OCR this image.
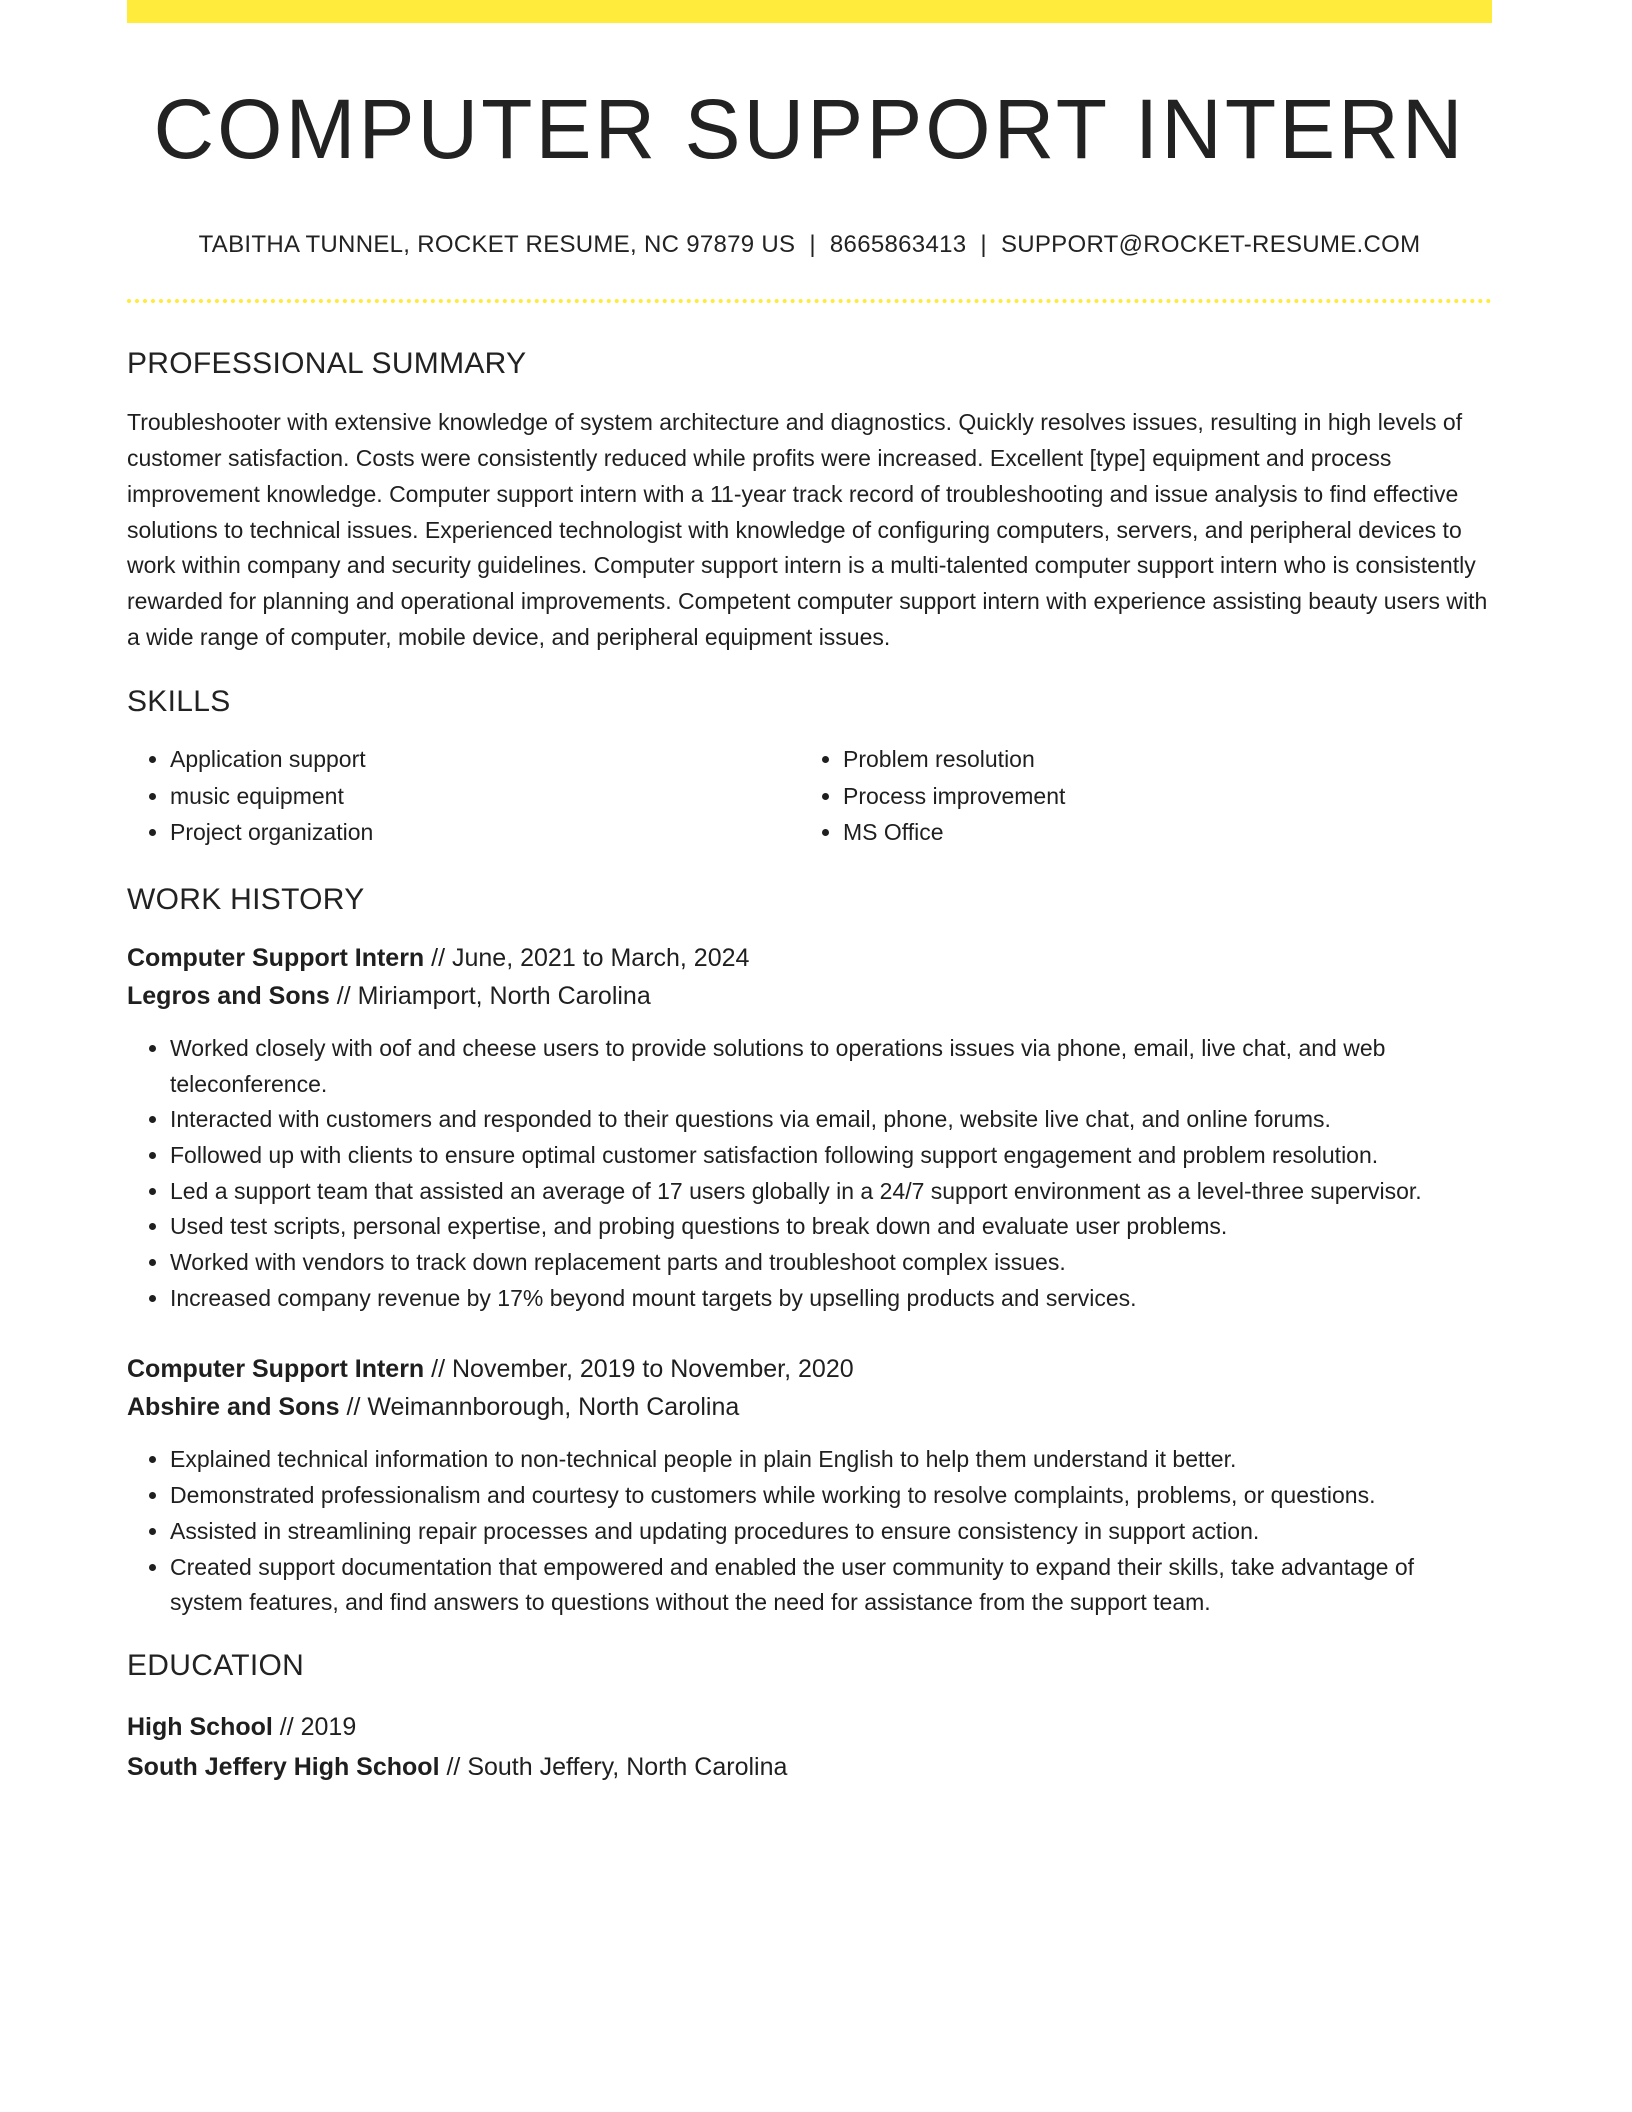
COMPUTER SUPPORT INTERN
TABITHA TUNNEL, ROCKET RESUME, NC 97879 US | 8665863413 | SUPPORT@ROCKET-RESUME.COM
PROFESSIONAL SUMMARY
Troubleshooter with extensive knowledge of system architecture and diagnostics. Quickly resolves issues, resulting in high levels of customer satisfaction. Costs were consistently reduced while profits were increased. Excellent [type] equipment and process improvement knowledge. Computer support intern with a 11-year track record of troubleshooting and issue analysis to find effective solutions to technical issues. Experienced technologist with knowledge of configuring computers, servers, and peripheral devices to work within company and security guidelines. Computer support intern is a multi-talented computer support intern who is consistently rewarded for planning and operational improvements. Competent computer support intern with experience assisting beauty users with a wide range of computer, mobile device, and peripheral equipment issues.
SKILLS
• Application support
• music equipment
• Project organization
• Problem resolution
• Process improvement
• MS Office
WORK HISTORY
Computer Support Intern // June, 2021 to March, 2024
Legros and Sons // Miriamport, North Carolina
• Worked closely with oof and cheese users to provide solutions to operations issues via phone, email, live chat, and web teleconference.
• Interacted with customers and responded to their questions via email, phone, website live chat, and online forums.
• Followed up with clients to ensure optimal customer satisfaction following support engagement and problem resolution.
• Led a support team that assisted an average of 17 users globally in a 24/7 support environment as a level-three supervisor.
• Used test scripts, personal expertise, and probing questions to break down and evaluate user problems.
• Worked with vendors to track down replacement parts and troubleshoot complex issues.
• Increased company revenue by 17% beyond mount targets by upselling products and services.
Computer Support Intern // November, 2019 to November, 2020
Abshire and Sons // Weimannborough, North Carolina
• Explained technical information to non-technical people in plain English to help them understand it better.
• Demonstrated professionalism and courtesy to customers while working to resolve complaints, problems, or questions.
• Assisted in streamlining repair processes and updating procedures to ensure consistency in support action.
• Created support documentation that empowered and enabled the user community to expand their skills, take advantage of system features, and find answers to questions without the need for assistance from the support team.
EDUCATION
High School // 2019
South Jeffery High School // South Jeffery, North Carolina
